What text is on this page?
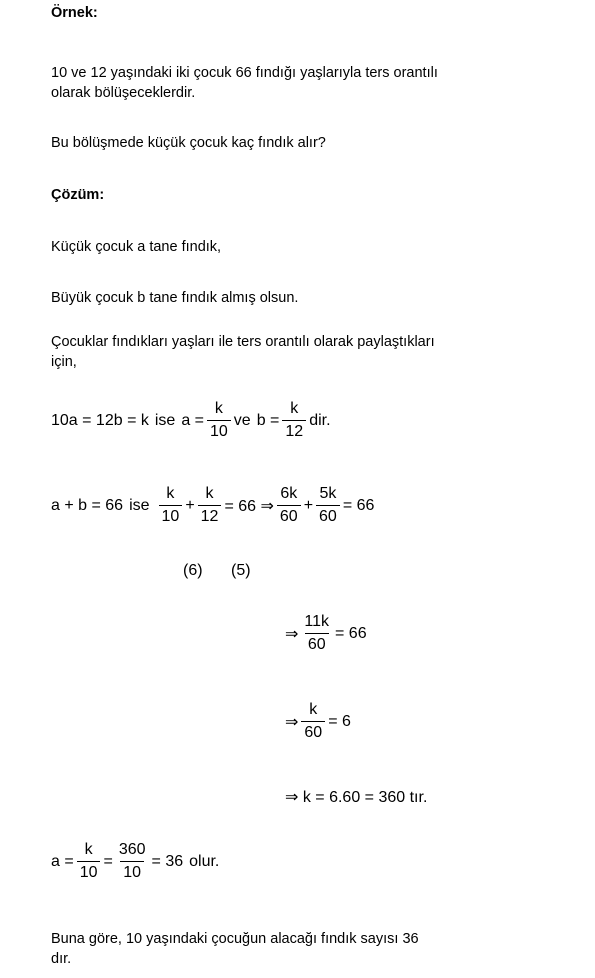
Örnek:

10 ve 12 yaşındaki iki çocuk 66 fındığı yaşlarıyla ters orantılı

olarak bölüşeceklerdir.

Bu bölüşmede küçük çocuk kaç fındık alır?

Çözüm:

Küçük çocuk a tane fındık,

Büyük çocuk b tane fındık almış olsun.

Çocuklar fındıkları yaşları ile ters orantılı olarak paylaştıkları

için,

10a = 12b = k ise $a = \frac{k}{10}$ ve $b = \frac{k}{12}$ dir.
a + b = 66 ise $\frac{k}{10} + \frac{k}{12} = 66$ ⇒ $\frac{6k}{60} + \frac{5k}{60} = 66$
(6) (5)
⇒ $\frac{11k}{60} = 66$
⇒ $\frac{k}{60} = 6$
⇒ k = 6.60 = 360 tır.
$a = \frac{k}{10} = \frac{360}{10} = 36$ olur.

Buna göre, 10 yaşındaki çocuğun alacağı fındık sayısı 36

dır.
